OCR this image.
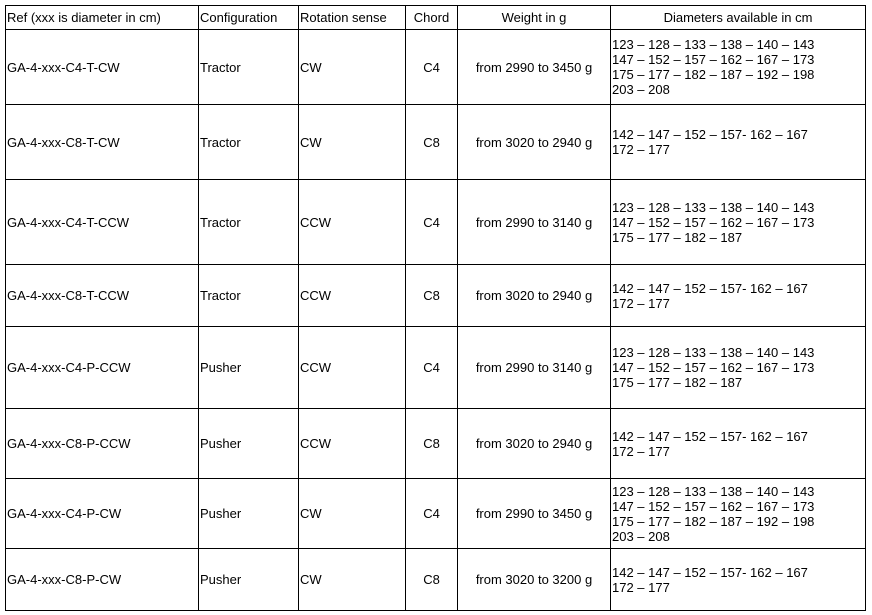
Ref (xxx is diameter in cm)	Configuration	Rotation sense	Chord	Weight in g	Diameters available in cm
GA-4-xxx-C4-T-CW	Tractor	CW	C4	from 2990 to 3450 g	123 – 128 – 133 – 138 – 140 – 143
147 – 152 – 157 – 162 – 167 – 173
175 – 177 – 182 – 187 – 192 – 198
203 – 208

GA-4-xxx-C8-T-CW	Tractor	CW	C8	from 3020 to 2940 g	142 – 147 – 152 – 157- 162 – 167
172 – 177

GA-4-xxx-C4-T-CCW	Tractor	CCW	C4	from 2990 to 3140 g	123 – 128 – 133 – 138 – 140 – 143
147 – 152 – 157 – 162 – 167 – 173
175 – 177 – 182 – 187

GA-4-xxx-C8-T-CCW	Tractor	CCW	C8	from 3020 to 2940 g	142 – 147 – 152 – 157- 162 – 167
172 – 177

GA-4-xxx-C4-P-CCW	Pusher	CCW	C4	from 2990 to 3140 g	123 – 128 – 133 – 138 – 140 – 143
147 – 152 – 157 – 162 – 167 – 173
175 – 177 – 182 – 187

GA-4-xxx-C8-P-CCW	Pusher	CCW	C8	from 3020 to 2940 g	142 – 147 – 152 – 157- 162 – 167
172 – 177

GA-4-xxx-C4-P-CW	Pusher	CW	C4	from 2990 to 3450 g	123 – 128 – 133 – 138 – 140 – 143
147 – 152 – 157 – 162 – 167 – 173
175 – 177 – 182 – 187 – 192 – 198
203 – 208

GA-4-xxx-C8-P-CW	Pusher	CW	C8	from 3020 to 3200 g	142 – 147 – 152 – 157- 162 – 167
172 – 177
